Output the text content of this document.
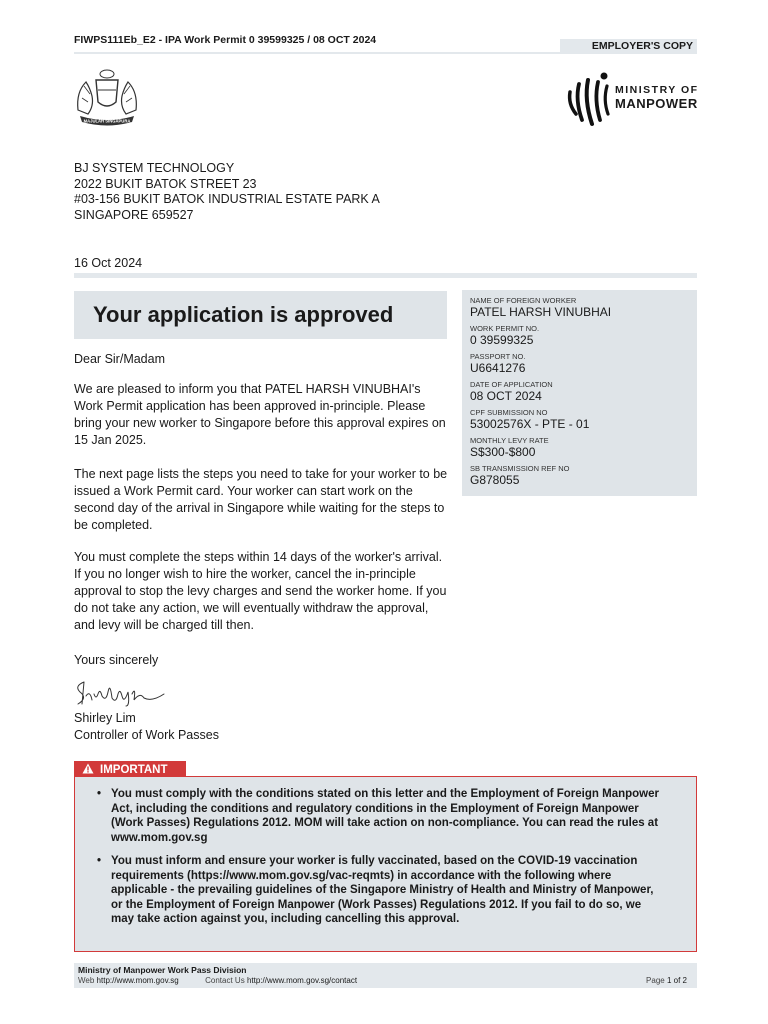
FIWPS111Eb_E2 - IPA Work Permit 0 39599325 / 08 OCT 2024	EMPLOYER'S COPY
MAJULAH SINGAPURA
MINISTRY OF
MANPOWER
BJ SYSTEM TECHNOLOGY
2022 BUKIT BATOK STREET 23
#03-156 BUKIT BATOK INDUSTRIAL ESTATE PARK A
SINGAPORE 659527
16 Oct 2024
Your application is approved
NAME OF FOREIGN WORKER
PATEL HARSH VINUBHAI
WORK PERMIT NO.
0 39599325
PASSPORT NO.
U6641276
DATE OF APPLICATION
08 OCT 2024
CPF SUBMISSION NO
53002576X - PTE - 01
MONTHLY LEVY RATE
S$300-$800
SB TRANSMISSION REF NO
G878055
Dear Sir/Madam
We are pleased to inform you that PATEL HARSH VINUBHAI's Work Permit application has been approved in-principle. Please bring your new worker to Singapore before this approval expires on 15 Jan 2025.
The next page lists the steps you need to take for your worker to be issued a Work Permit card. Your worker can start work on the second day of the arrival in Singapore while waiting for the steps to be completed.
You must complete the steps within 14 days of the worker's arrival. If you no longer wish to hire the worker, cancel the in-principle approval to stop the levy charges and send the worker home. If you do not take any action, we will eventually withdraw the approval, and levy will be charged till then.
Yours sincerely
Shirley Lim
Controller of Work Passes
IMPORTANT
• You must comply with the conditions stated on this letter and the Employment of Foreign Manpower Act, including the conditions and regulatory conditions in the Employment of Foreign Manpower (Work Passes) Regulations 2012. MOM will take action on non-compliance. You can read the rules at www.mom.gov.sg
• You must inform and ensure your worker is fully vaccinated, based on the COVID-19 vaccination requirements (https://www.mom.gov.sg/vac-reqmts) in accordance with the following where applicable - the prevailing guidelines of the Singapore Ministry of Health and Ministry of Manpower, or the Employment of Foreign Manpower (Work Passes) Regulations 2012. If you fail to do so, we may take action against you, including cancelling this approval.
Ministry of Manpower Work Pass Division
Web http://www.mom.gov.sg	Contact Us http://www.mom.gov.sg/contact	Page 1 of 2
